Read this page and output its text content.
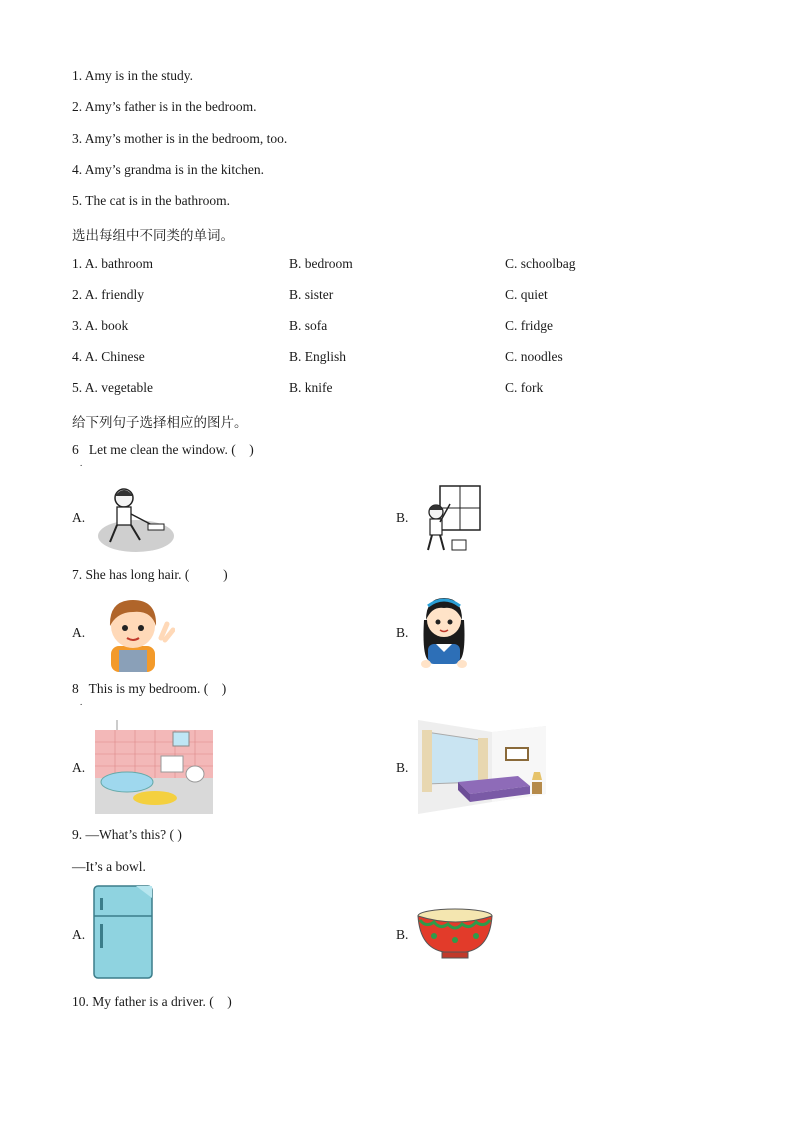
1. Amy is in the study.
2. Amy’s father is in the bedroom.
3. Amy’s mother is in the bedroom, too.
4. Amy’s grandma is in the kitchen.
5. The cat is in the bathroom.
选出每组中不同类的单词。
1. A. bathroom	B. bedroom	C. schoolbag
2. A. friendly	B. sister	C. quiet
3. A. book	B. sofa	C. fridge
4. A. Chinese	B. English	C. noodles
5. A. vegetable	B. knife	C. fork
给下列句子选择相应的图片。
6   Let me clean the window. (    )
.
A.	B.
7. She has long hair. (          )
A.	B.
8   This is my bedroom. (    )
.
A.	B.
9. —What’s this? ( )
—It’s a bowl.
A.	B.
10. My father is a driver. (    )
